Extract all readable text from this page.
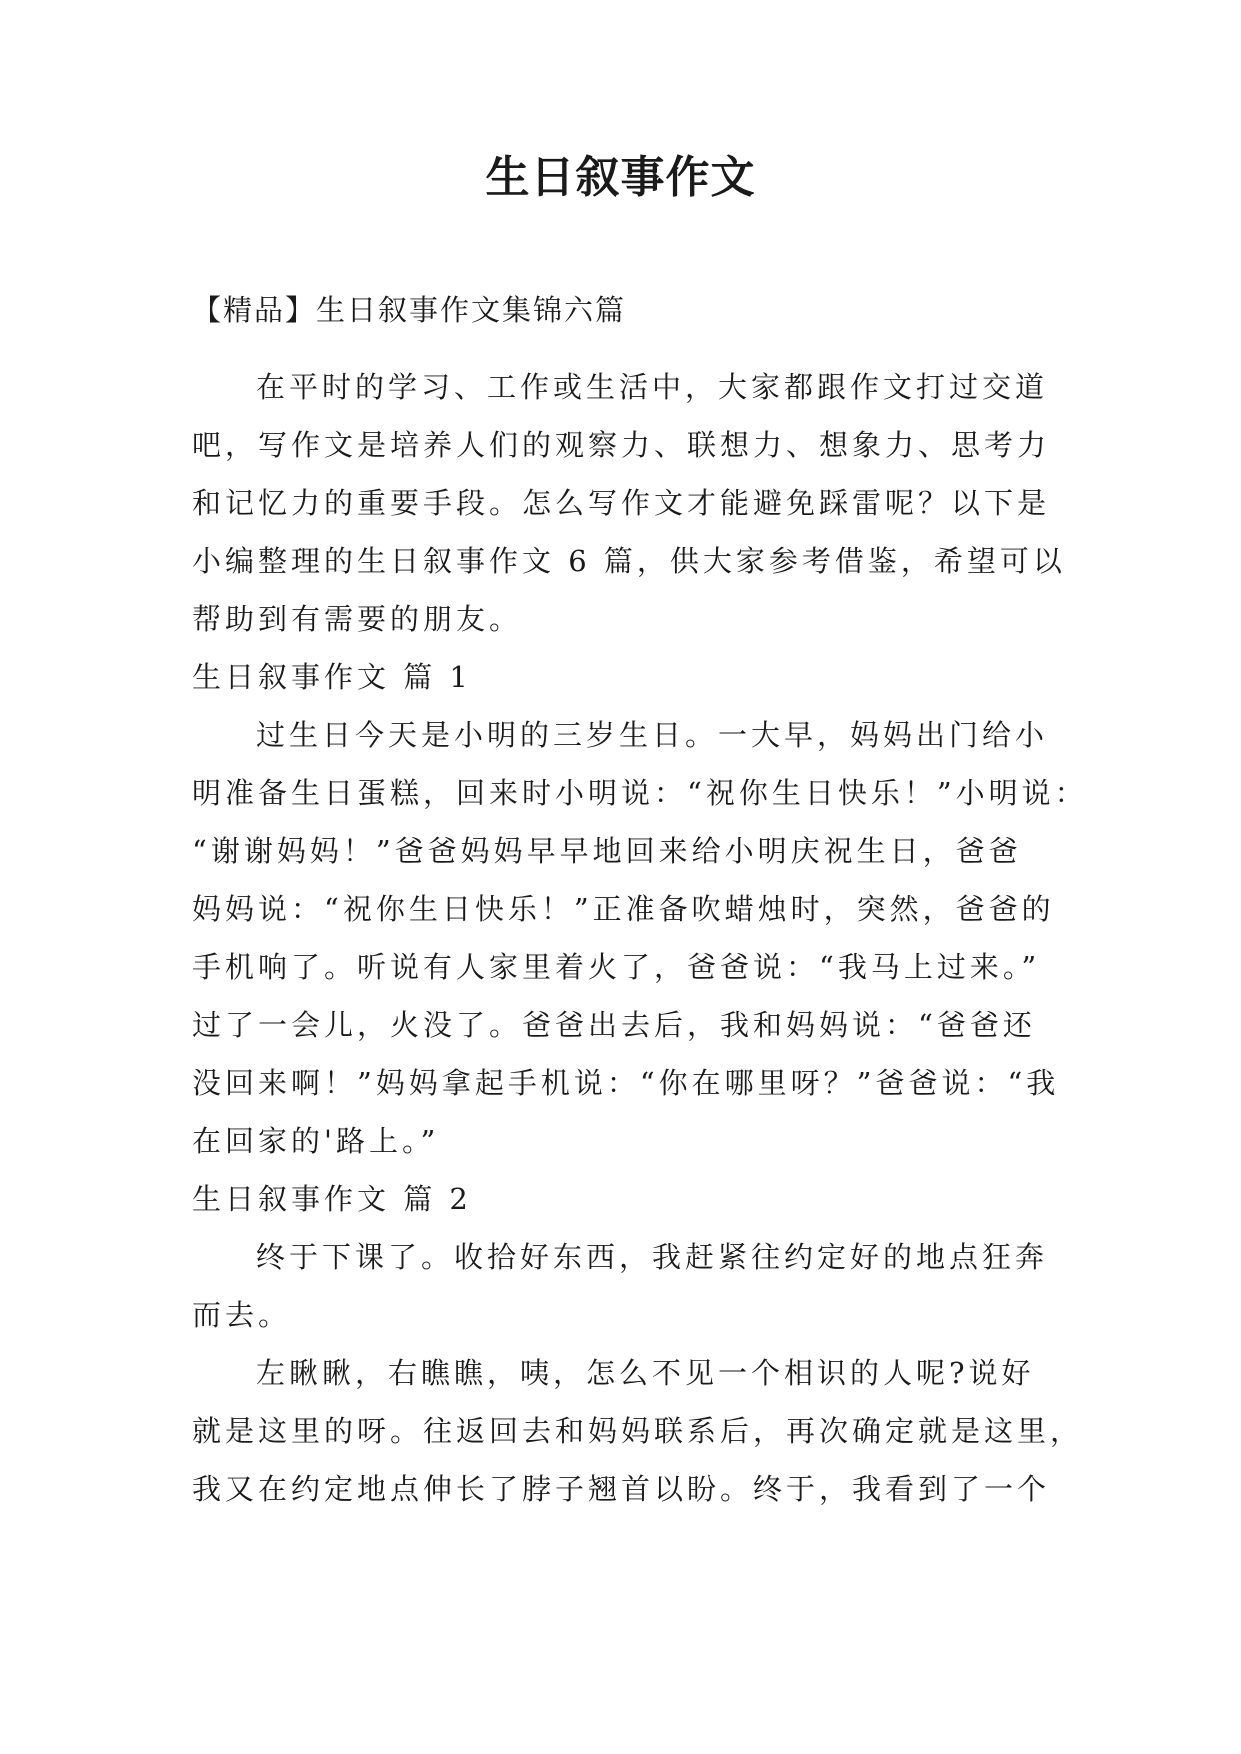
生日叙事作文
【精品】生日叙事作文集锦六篇
在平时的学习、工作或生活中，大家都跟作文打过交道
吧，写作文是培养人们的观察力、联想力、想象力、思考力
和记忆力的重要手段。怎么写作文才能避免踩雷呢？以下是
小编整理的生日叙事作文 6 篇，供大家参考借鉴，希望可以
帮助到有需要的朋友。
生日叙事作文 篇 1
过生日今天是小明的三岁生日。一大早，妈妈出门给小
明准备生日蛋糕，回来时小明说：“祝你生日快乐！”小明说：
“谢谢妈妈！”爸爸妈妈早早地回来给小明庆祝生日，爸爸
妈妈说：“祝你生日快乐！”正准备吹蜡烛时，突然，爸爸的
手机响了。听说有人家里着火了，爸爸说：“我马上过来。”
过了一会儿，火没了。爸爸出去后，我和妈妈说：“爸爸还
没回来啊！”妈妈拿起手机说：“你在哪里呀？”爸爸说：“我
在回家的'路上。”
生日叙事作文 篇 2
终于下课了。收拾好东西，我赶紧往约定好的地点狂奔
而去。
左瞅瞅，右瞧瞧，咦，怎么不见一个相识的人呢?说好
就是这里的呀。往返回去和妈妈联系后，再次确定就是这里，
我又在约定地点伸长了脖子翘首以盼。终于，我看到了一个
